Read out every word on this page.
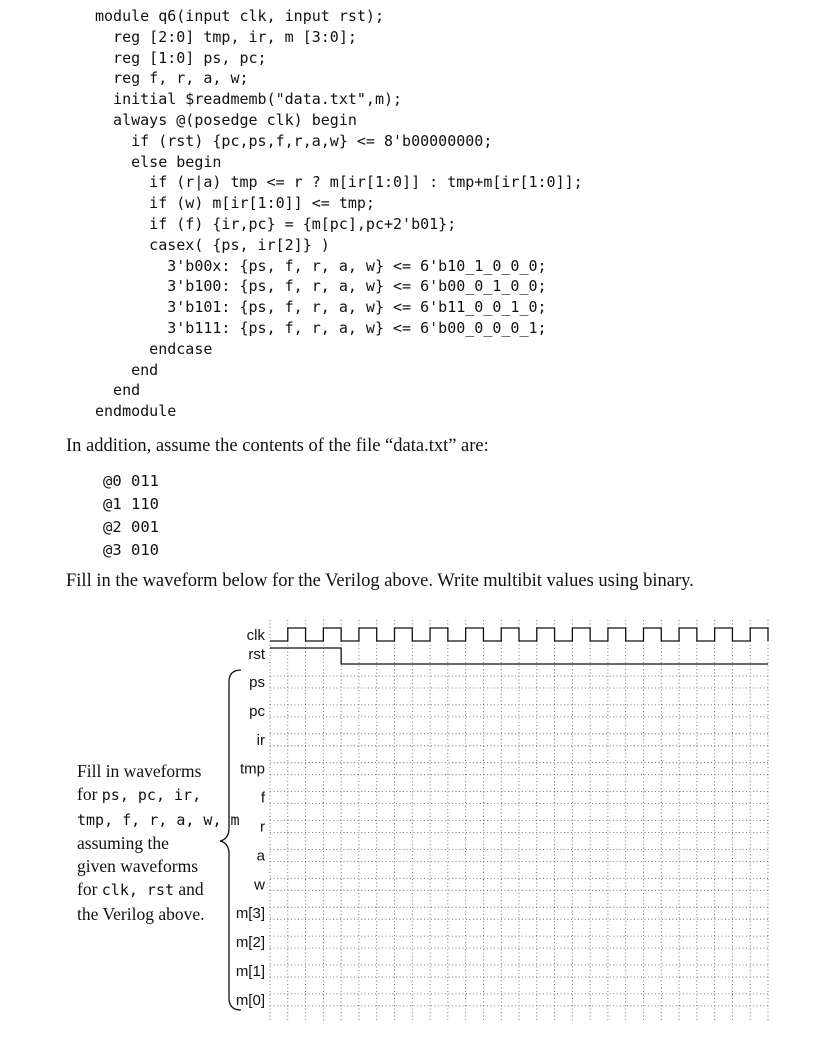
module q6(input clk, input rst);
reg [2:0] tmp, ir, m [3:0];
reg [1:0] ps, pc;
reg f, r, a, w;
initial $readmemb("data.txt",m);
always @(posedge clk) begin
if (rst) {pc,ps,f,r,a,w} <= 8'b00000000;
else begin
if (r|a) tmp <= r ? m[ir[1:0]] : tmp+m[ir[1:0]];
if (w) m[ir[1:0]] <= tmp;
if (f) {ir,pc} = {m[pc],pc+2'b01};
casex( {ps, ir[2]} )
3'b00x: {ps, f, r, a, w} <= 6'b10_1_0_0_0;
3'b100: {ps, f, r, a, w} <= 6'b00_0_1_0_0;
3'b101: {ps, f, r, a, w} <= 6'b11_0_0_1_0;
3'b111: {ps, f, r, a, w} <= 6'b00_0_0_0_1;
endcase
end
end
endmodule
In addition, assume the contents of the file “data.txt” are:
@0 011
@1 110
@2 001
@3 010
Fill in the waveform below for the Verilog above. Write multibit values using binary.
Fill in waveforms
for ps, pc, ir,
tmp, f, r, a, w, m
assuming the
given waveforms
for clk, rst and
the Verilog above.
clk
rst
ps
pc
ir
tmp
f
r
a
w
m[3]
m[2]
m[1]
m[0]
